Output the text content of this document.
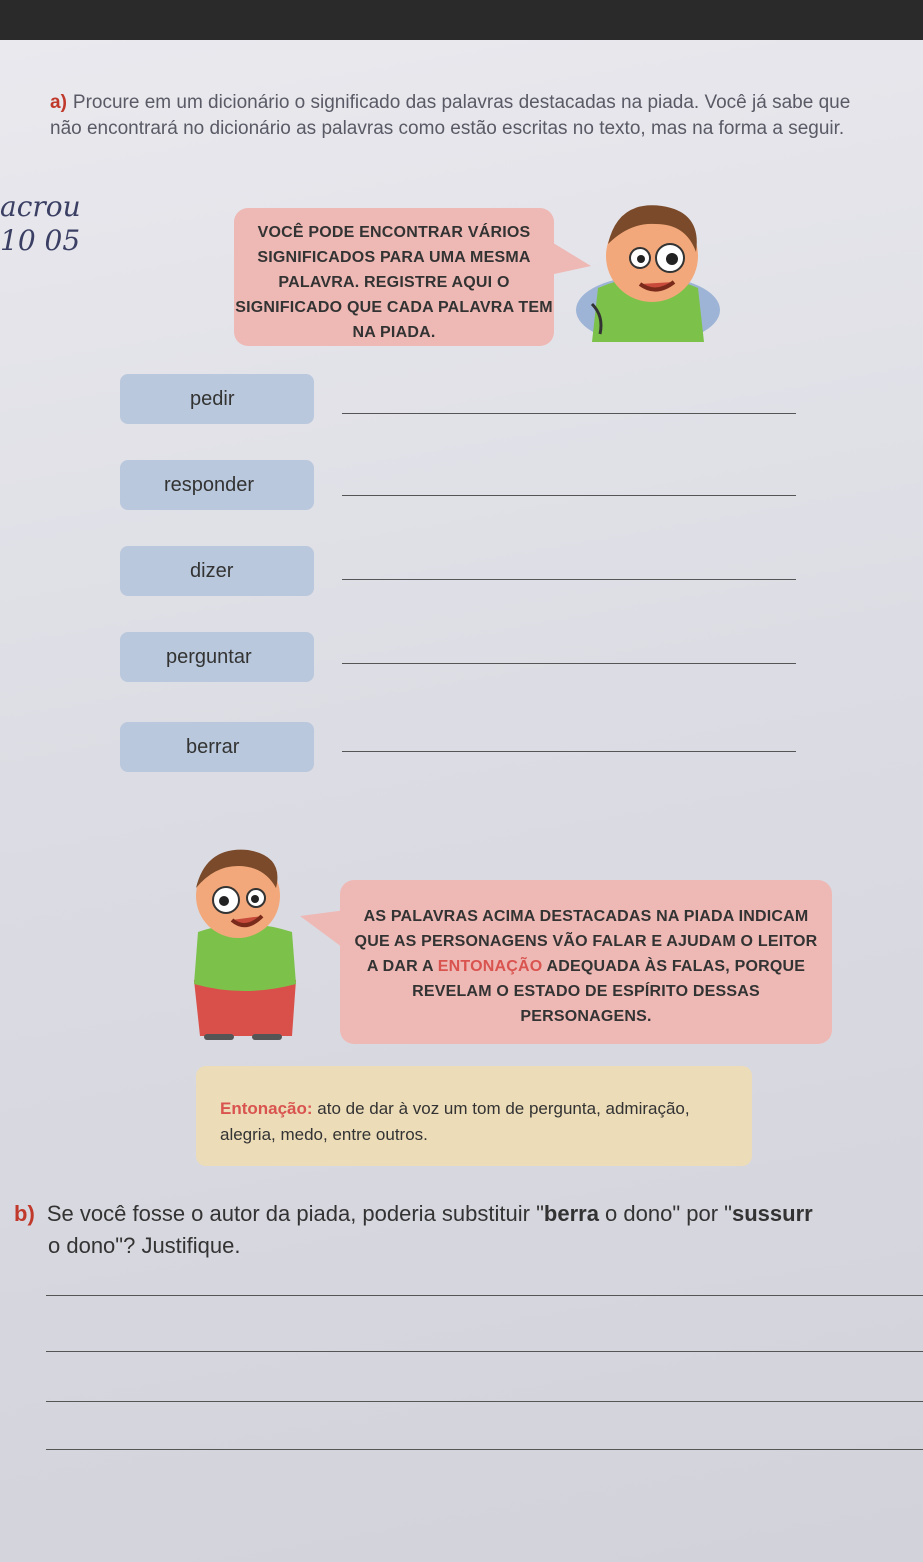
a) Procure em um dicionário o significado das palavras destacadas na piada. Você já sabe que não encontrará no dicionário as palavras como estão escritas no texto, mas na forma a seguir.
acrou
10 05	VOCÊ PODE ENCONTRAR VÁRIOS SIGNIFICADOS PARA UMA MESMA PALAVRA. REGISTRE AQUI O SIGNIFICADO QUE CADA PALAVRA TEM NA PIADA.
pedir
responder
dizer
perguntar
berrar
AS PALAVRAS ACIMA DESTACADAS NA PIADA INDICAM QUE AS PERSONAGENS VÃO FALAR E AJUDAM O LEITOR A DAR A ENTONAÇÃO ADEQUADA ÀS FALAS, PORQUE REVELAM O ESTADO DE ESPÍRITO DESSAS PERSONAGENS.
Entonação: ato de dar à voz um tom de pergunta, admiração, alegria, medo, entre outros.
b) Se você fosse o autor da piada, poderia substituir "berra o dono" por "sussurr
o dono"? Justifique.
